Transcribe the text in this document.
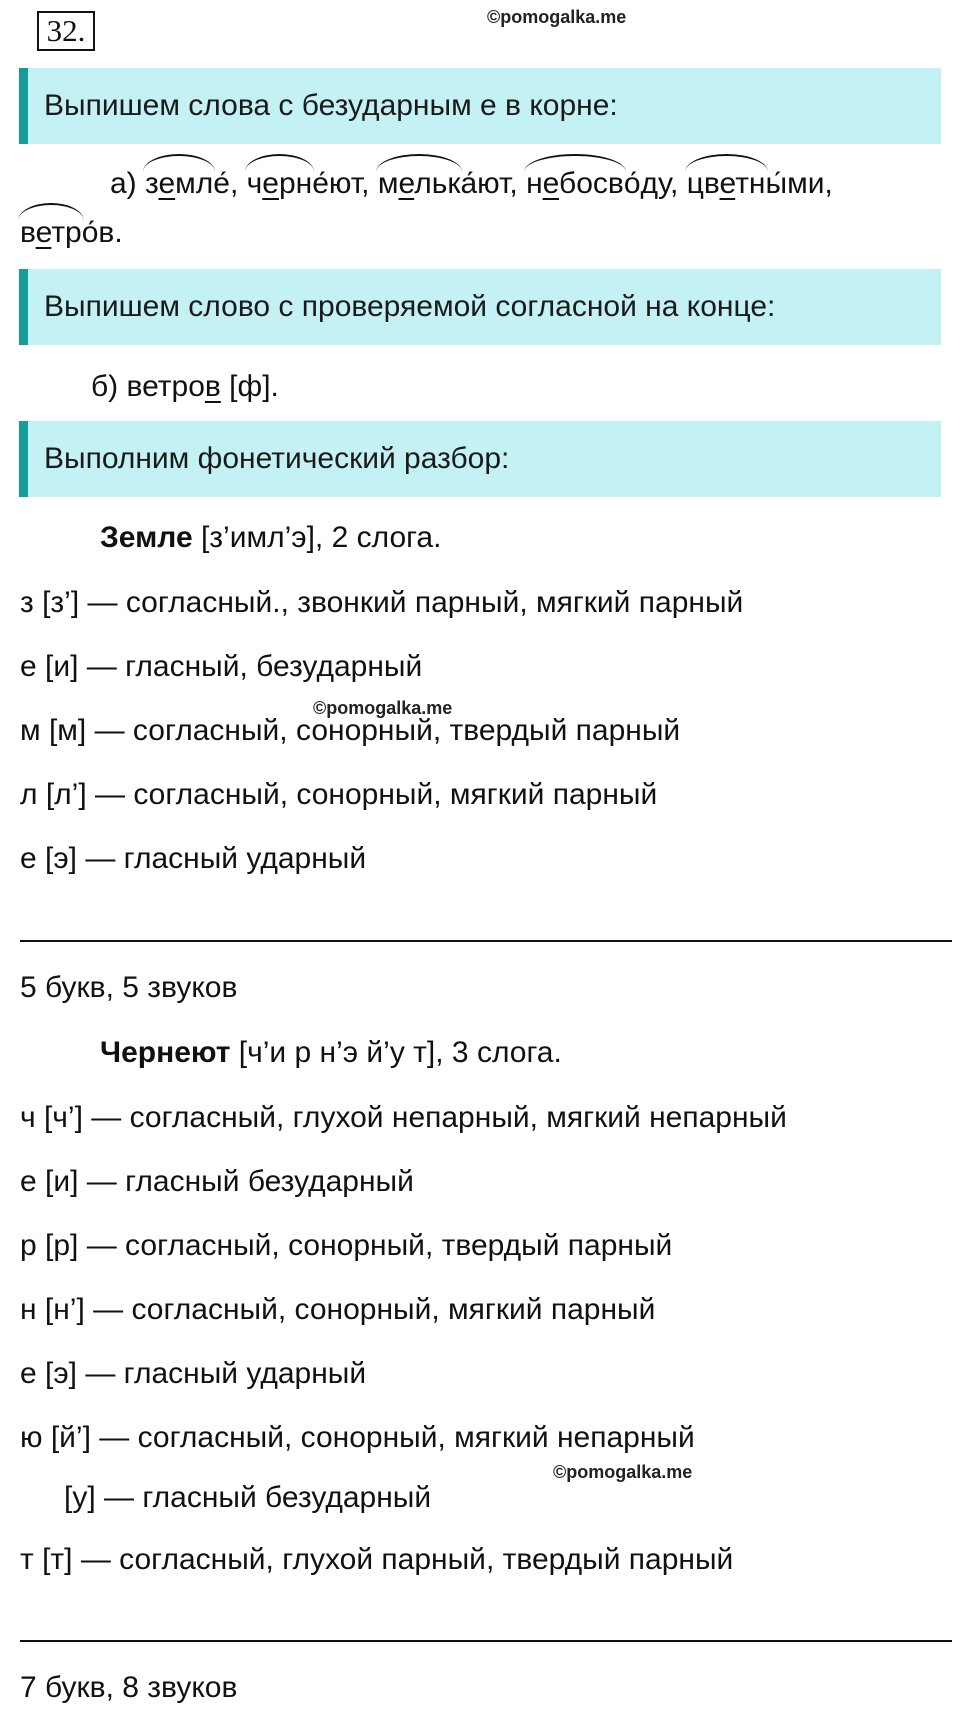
32.	©pomogalka.me
Выпишем слова с безударным е в корне:
а) земле́, черне́ют, мелька́ют, небосво́ду, цветны́ми,
ветро́в.
Выпишем слово с проверяемой согласной на конце:
б) ветров [ф].
Выполним фонетический разбор:
Земле [з’имл’э], 2 слога.
з [з’] — согласный., звонкий парный, мягкий парный
е [и] — гласный, безударный
м [м] — согласный, сонорный, твердый парный
л [л’] — согласный, сонорный, мягкий парный
е [э] — гласный ударный
©pomogalka.me
5 букв, 5 звуков
Чернеют [ч’и р н’э й’у т], 3 слога.
ч [ч’] — согласный, глухой непарный, мягкий непарный
е [и] — гласный безударный
р [р] — согласный, сонорный, твердый парный
н [н’] — согласный, сонорный, мягкий парный
е [э] — гласный ударный
ю [й’] — согласный, сонорный, мягкий непарный
[у] — гласный безударный
т [т] — согласный, глухой парный, твердый парный
©pomogalka.me
7 букв, 8 звуков
